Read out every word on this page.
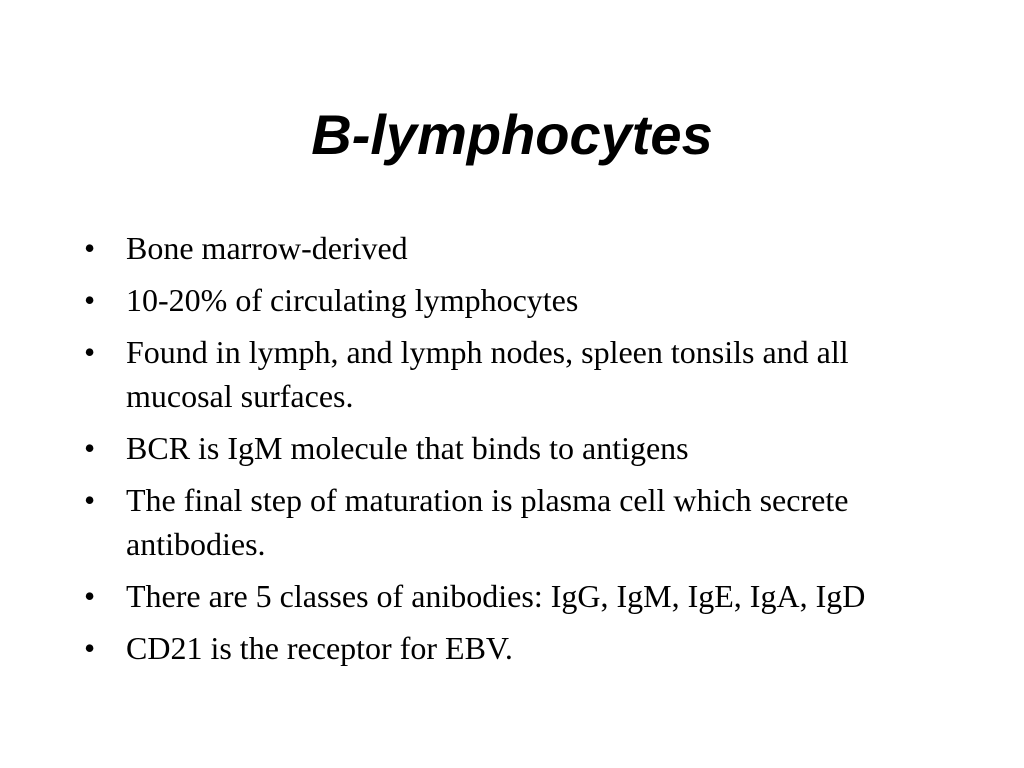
B-lymphocytes
• Bone marrow-derived
• 10-20% of circulating lymphocytes
• Found in lymph, and lymph nodes, spleen tonsils and all mucosal surfaces.
• BCR is IgM molecule that binds to antigens
• The final step of maturation is plasma cell which secrete antibodies.
• There are 5 classes of anibodies: IgG, IgM, IgE, IgA, IgD
• CD21 is the receptor for EBV.
